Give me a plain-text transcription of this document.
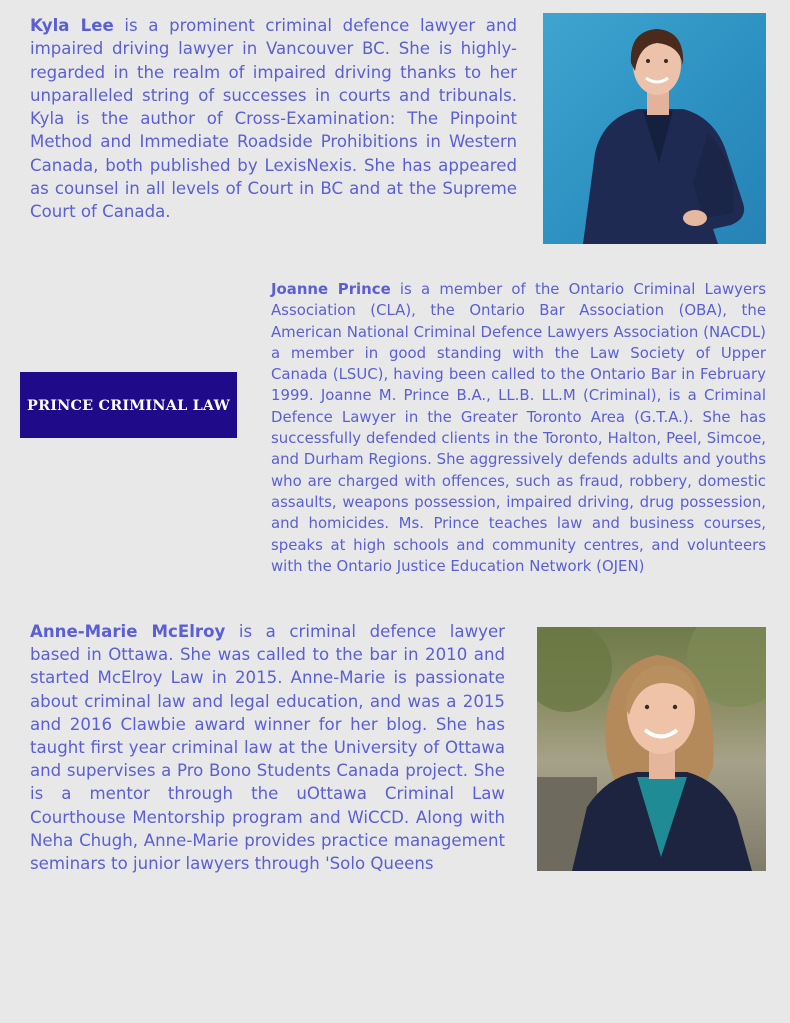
Kyla Lee is a prominent criminal defence lawyer and impaired driving lawyer in Vancouver BC. She is highly-regarded in the realm of impaired driving thanks to her unparalleled string of successes in courts and tribunals. Kyla is the author of Cross-Examination: The Pinpoint Method and Immediate Roadside Prohibitions in Western Canada, both published by LexisNexis. She has appeared as counsel in all levels of Court in BC and at the Supreme Court of Canada.

PRINCE CRIMINAL LAW

Joanne Prince is a member of the Ontario Criminal Lawyers Association (CLA), the Ontario Bar Association (OBA), the American National Criminal Defence Lawyers Association (NACDL) a member in good standing with the Law Society of Upper Canada (LSUC), having been called to the Ontario Bar in February 1999. Joanne M. Prince B.A., LL.B. LL.M (Criminal), is a Criminal Defence Lawyer in the Greater Toronto Area (G.T.A.). She has successfully defended clients in the Toronto, Halton, Peel, Simcoe, and Durham Regions. She aggressively defends adults and youths who are charged with offences, such as fraud, robbery, domestic assaults, weapons possession, impaired driving, drug possession, and homicides. Ms. Prince teaches law and business courses, speaks at high schools and community centres, and volunteers with the Ontario Justice Education Network (OJEN)

Anne-Marie McElroy is a criminal defence lawyer based in Ottawa. She was called to the bar in 2010 and started McElroy Law in 2015. Anne-Marie is passionate about criminal law and legal education, and was a 2015 and 2016 Clawbie award winner for her blog. She has taught first year criminal law at the University of Ottawa and supervises a Pro Bono Students Canada project. She is a mentor through the uOttawa Criminal Law Courthouse Mentorship program and WiCCD. Along with Neha Chugh, Anne-Marie provides practice management seminars to junior lawyers through 'Solo Queens
